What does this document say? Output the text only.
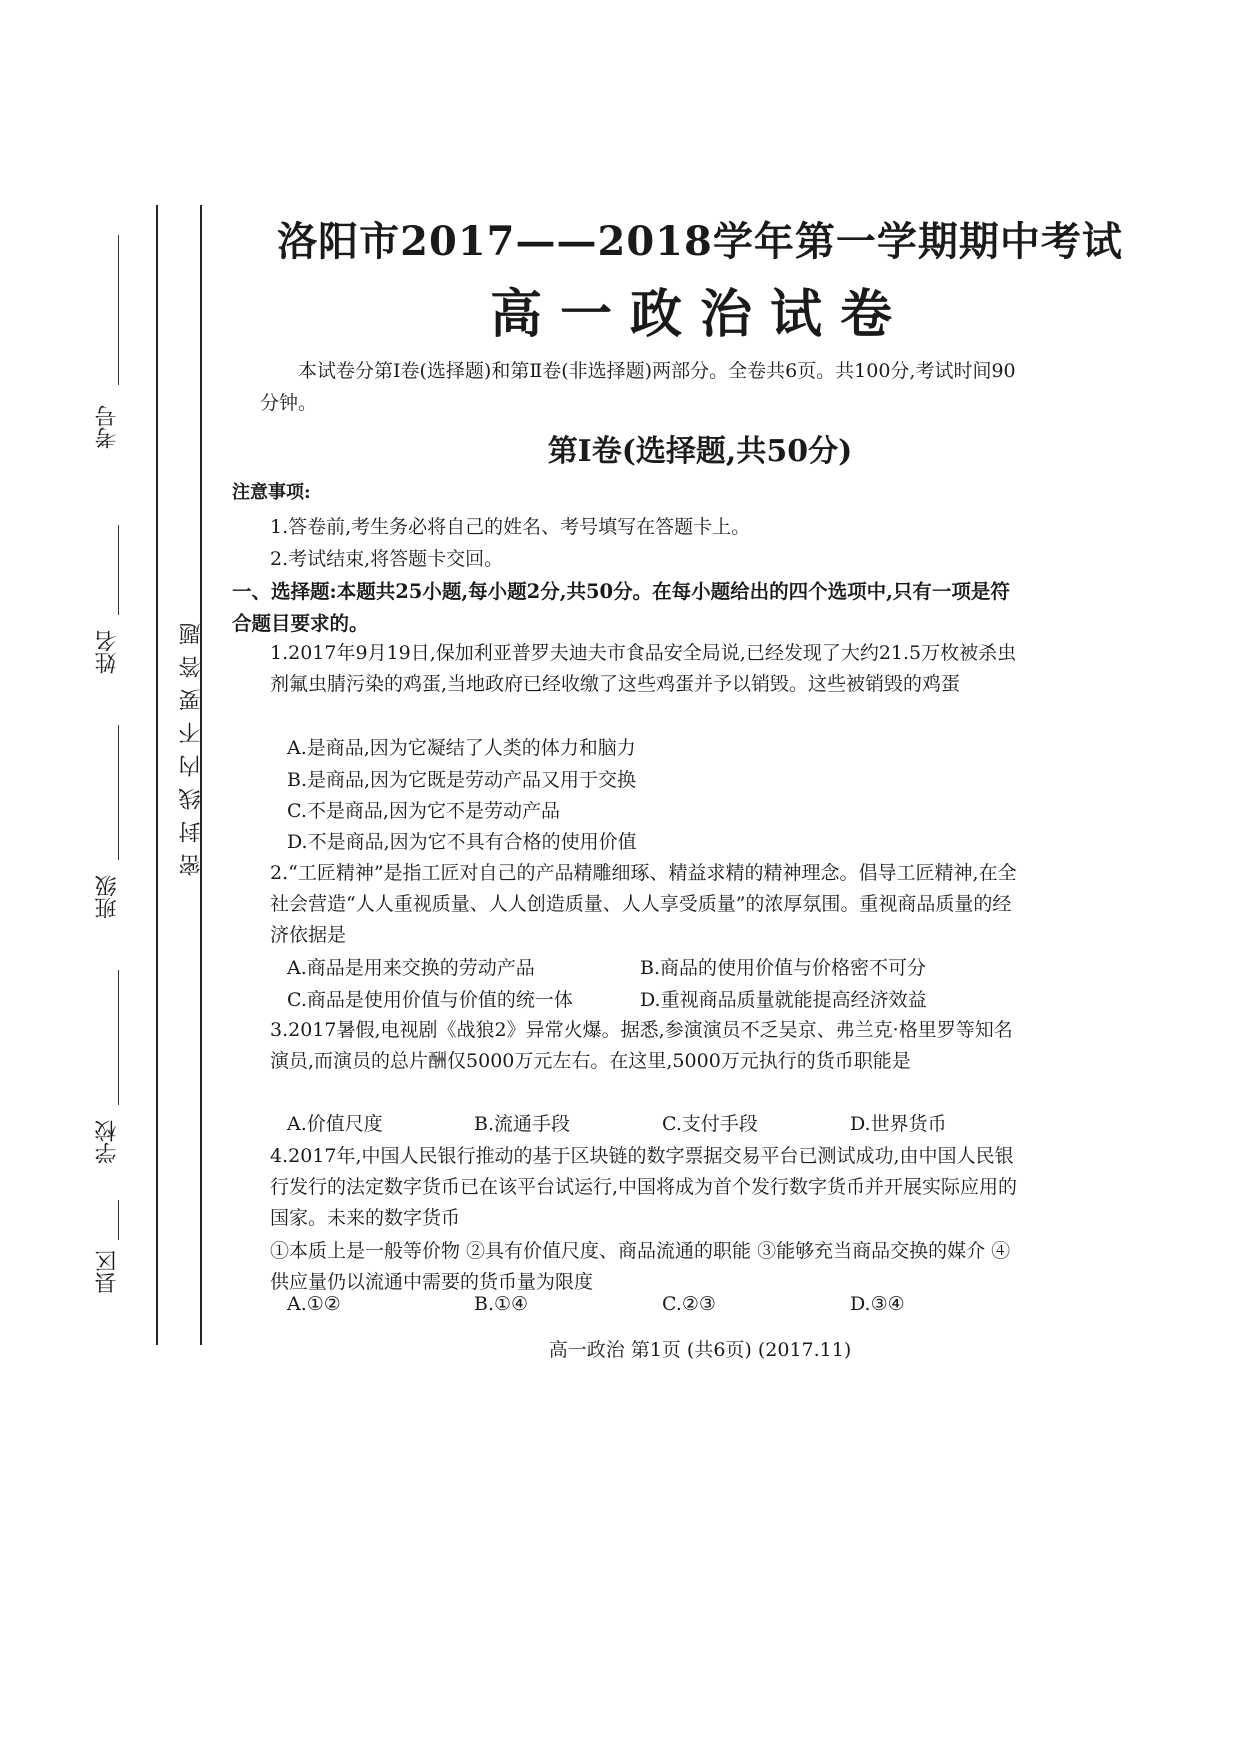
考号
姓名
班级
学校
县区
密封线内不要答题
洛阳市2017——2018学年第一学期期中考试
高一政治试卷
本试卷分第Ⅰ卷(选择题)和第Ⅱ卷(非选择题)两部分。全卷共6页。共100分,考试时间90分钟。
第Ⅰ卷(选择题,共50分)
注意事项:
1.答卷前,考生务必将自己的姓名、考号填写在答题卡上。
2.考试结束,将答题卡交回。
一、选择题:本题共25小题,每小题2分,共50分。在每小题给出的四个选项中,只有一项是符合题目要求的。
1.2017年9月19日,保加利亚普罗夫迪夫市食品安全局说,已经发现了大约21.5万枚被杀虫剂氟虫腈污染的鸡蛋,当地政府已经收缴了这些鸡蛋并予以销毁。这些被销毁的鸡蛋
A.是商品,因为它凝结了人类的体力和脑力
B.是商品,因为它既是劳动产品又用于交换
C.不是商品,因为它不是劳动产品
D.不是商品,因为它不具有合格的使用价值
2.“工匠精神”是指工匠对自己的产品精雕细琢、精益求精的精神理念。倡导工匠精神,在全社会营造“人人重视质量、人人创造质量、人人享受质量”的浓厚氛围。重视商品质量的经济依据是
A.商品是用来交换的劳动产品	B.商品的使用价值与价格密不可分
C.商品是使用价值与价值的统一体	D.重视商品质量就能提高经济效益
3.2017暑假,电视剧《战狼2》异常火爆。据悉,参演演员不乏吴京、弗兰克·格里罗等知名演员,而演员的总片酬仅5000万元左右。在这里,5000万元执行的货币职能是
A.价值尺度	B.流通手段	C.支付手段	D.世界货币
4.2017年,中国人民银行推动的基于区块链的数字票据交易平台已测试成功,由中国人民银行发行的法定数字货币已在该平台试运行,中国将成为首个发行数字货币并开展实际应用的国家。未来的数字货币
①本质上是一般等价物 ②具有价值尺度、商品流通的职能 ③能够充当商品交换的媒介 ④供应量仍以流通中需要的货币量为限度
A.①②	B.①④	C.②③	D.③④
高一政治 第1页 (共6页) (2017.11)
